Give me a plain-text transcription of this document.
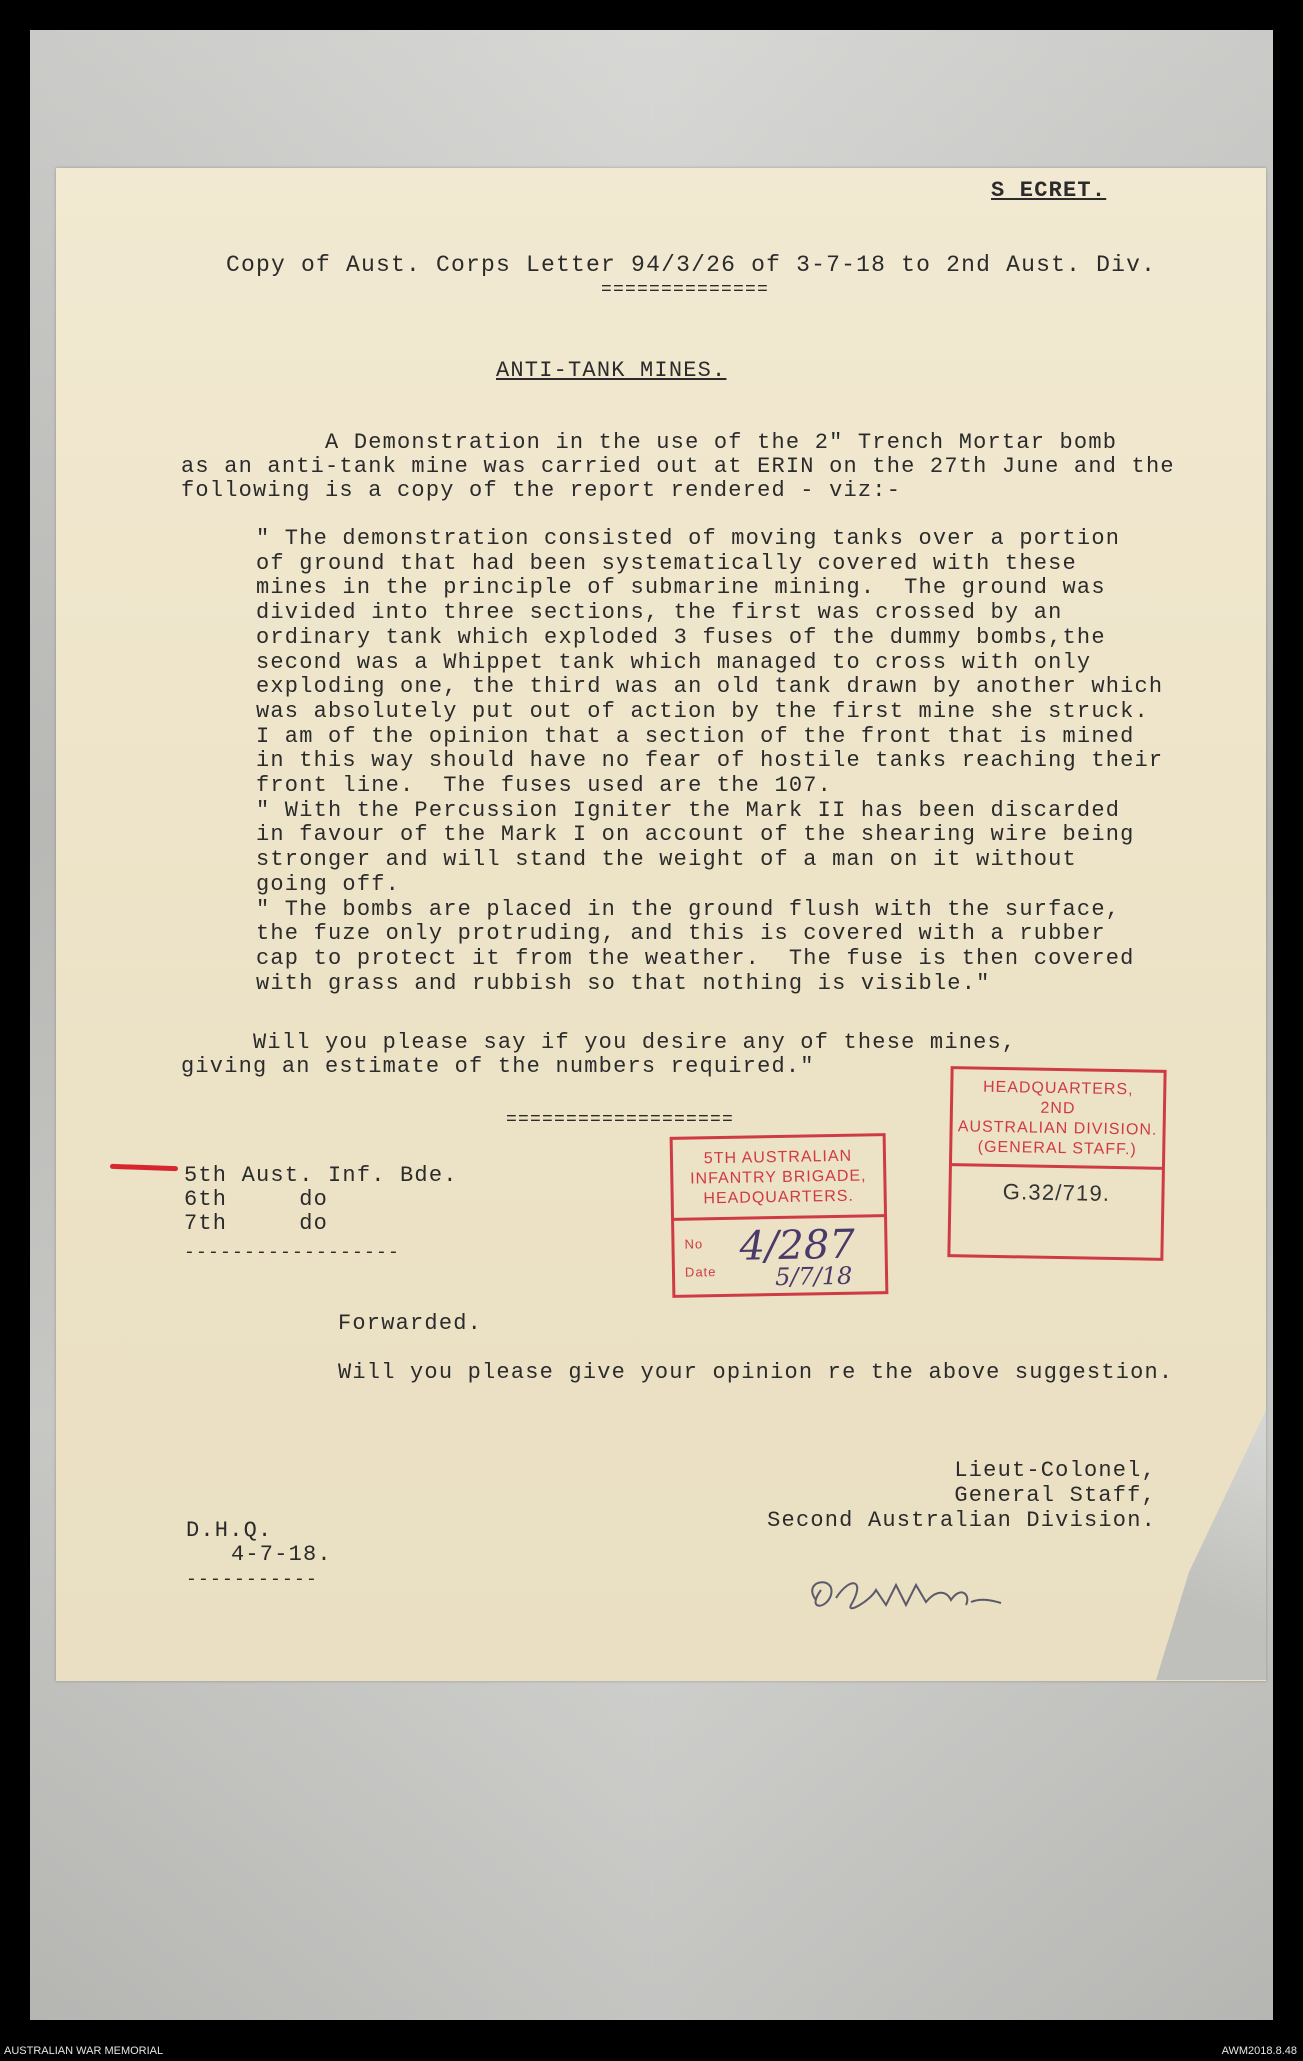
S ECRET.
Copy of Aust. Corps Letter 94/3/26 of 3-7-18 to 2nd Aust. Div.
==============
ANTI-TANK MINES.
A Demonstration in the use of the 2" Trench Mortar bomb
as an anti-tank mine was carried out at ERIN on the 27th June and the
following is a copy of the report rendered - viz:-
" The demonstration consisted of moving tanks over a portion
of ground that had been systematically covered with these
mines in the principle of submarine mining.  The ground was
divided into three sections, the first was crossed by an
ordinary tank which exploded 3 fuses of the dummy bombs,the
second was a Whippet tank which managed to cross with only
exploding one, the third was an old tank drawn by another which
was absolutely put out of action by the first mine she struck.
I am of the opinion that a section of the front that is mined
in this way should have no fear of hostile tanks reaching their
front line.  The fuses used are the 107.
" With the Percussion Igniter the Mark II has been discarded
in favour of the Mark I on account of the shearing wire being
stronger and will stand the weight of a man on it without
going off.
" The bombs are placed in the ground flush with the surface,
the fuze only protruding, and this is covered with a rubber
cap to protect it from the weather.  The fuse is then covered
with grass and rubbish so that nothing is visible."
Will you please say if you desire any of these mines,
giving an estimate of the numbers required."
===================
5th Aust. Inf. Bde.
6th     do
7th     do
------------------
Forwarded.
Will you please give your opinion re the above suggestion.
Lieut-Colonel,
General Staff,
Second Australian Division.
D.H.Q.
4-7-18.
-----------
5TH AUSTRALIAN
INFANTRY BRIGADE,
HEADQUARTERS.
No
Date
4/287
5/7/18
HEADQUARTERS,
2ND
AUSTRALIAN DIVISION.
(GENERAL STAFF.)
G.32/719.
AUSTRALIAN WAR MEMORIAL	AWM2018.8.48
